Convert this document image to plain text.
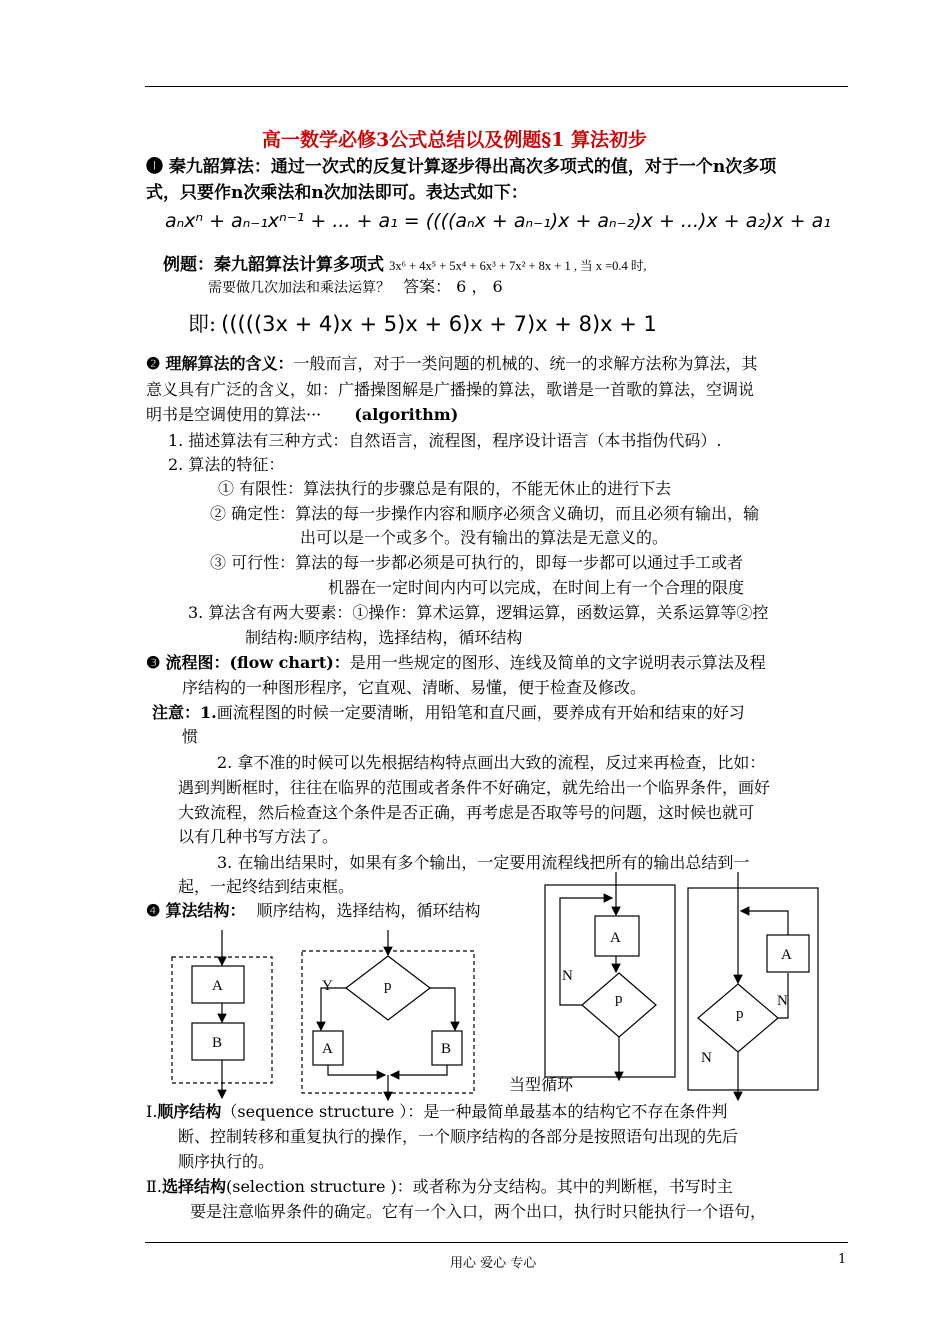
高一数学必修3公式总结以及例题§1 算法初步
❶ 秦九韶算法：通过一次式的反复计算逐步得出高次多项式的值，对于一个n次多项
式，只要作n次乘法和n次加法即可。表达式如下：
aₙxⁿ + aₙ₋₁xⁿ⁻¹ + ... + a₁ = ((((aₙx + aₙ₋₁)x + aₙ₋₂)x + ...)x + a₂)x + a₁
例题：秦九韶算法计算多项式 3x⁶ + 4x⁵ + 5x⁴ + 6x³ + 7x² + 8x + 1 , 当 x =0.4 时,
需要做几次加法和乘法运算？ 答案： 6 ， 6
即: (((((3x + 4)x + 5)x + 6)x + 7)x + 8)x + 1
❷ 理解算法的含义：一般而言，对于一类问题的机械的、统一的求解方法称为算法，其
意义具有广泛的含义，如：广播操图解是广播操的算法，歌谱是一首歌的算法，空调说
明书是空调使用的算法··· (algorithm)
1. 描述算法有三种方式：自然语言，流程图，程序设计语言（本书指伪代码）.
2. 算法的特征：
① 有限性：算法执行的步骤总是有限的，不能无休止的进行下去
② 确定性：算法的每一步操作内容和顺序必须含义确切，而且必须有输出，输
出可以是一个或多个。没有输出的算法是无意义的。
③ 可行性：算法的每一步都必须是可执行的，即每一步都可以通过手工或者
机器在一定时间内内可以完成，在时间上有一个合理的限度
3. 算法含有两大要素：①操作：算术运算，逻辑运算，函数运算，关系运算等②控
制结构:顺序结构，选择结构，循环结构
❸ 流程图：(flow chart)：是用一些规定的图形、连线及简单的文字说明表示算法及程
序结构的一种图形程序，它直观、清晰、易懂，便于检查及修改。
注意：1.画流程图的时候一定要清晰，用铅笔和直尺画，要养成有开始和结束的好习
惯
2. 拿不准的时候可以先根据结构特点画出大致的流程，反过来再检查，比如：
遇到判断框时，往往在临界的范围或者条件不好确定，就先给出一个临界条件，画好
大致流程，然后检查这个条件是否正确，再考虑是否取等号的问题，这时候也就可
以有几种书写方法了。
3. 在输出结果时，如果有多个输出，一定要用流程线把所有的输出总结到一
起，一起终结到结束框。
❹ 算法结构： 顺序结构，选择结构，循环结构
A
B
p
Y
A	B
A
p
N
A
p
N
N
当型循环
Ⅰ.顺序结构（sequence structure ）：是一种最简单最基本的结构它不存在条件判
断、控制转移和重复执行的操作，一个顺序结构的各部分是按照语句出现的先后
顺序执行的。
Ⅱ.选择结构(selection structure )：或者称为分支结构。其中的判断框，书写时主
要是注意临界条件的确定。它有一个入口，两个出口，执行时只能执行一个语句，
用心 爱心 专心	1
